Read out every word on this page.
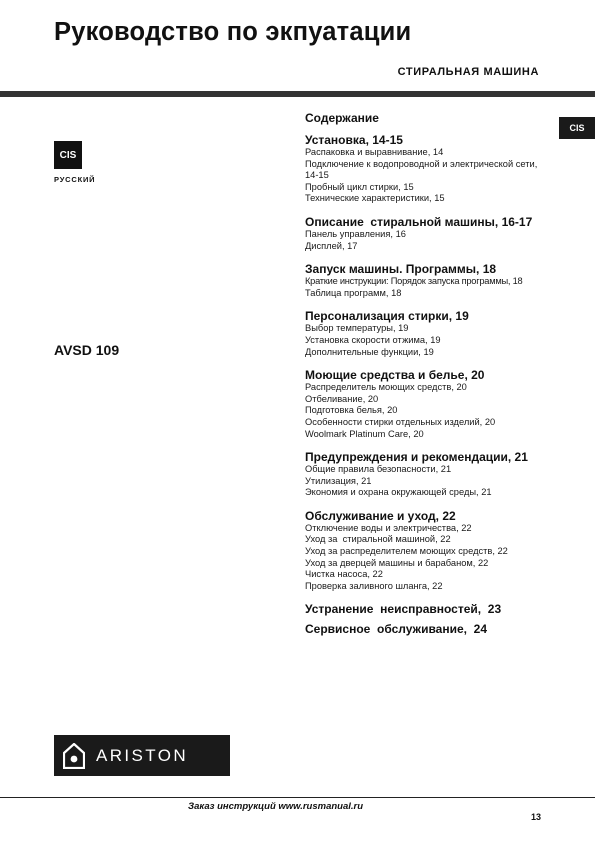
Руководство по экпуатации
СТИРАЛЬНАЯ МАШИНА
CIS
CIS
РУССКИЙ
AVSD 109
Содержание
Установка, 14-15
Распаковка и выравнивание, 14
Подключение к водопроводной и электрической сети, 14-15
Пробный цикл стирки, 15
Технические характеристики, 15
Описание  стиральной машины, 16-17
Панель управления, 16
Дисплей, 17
Запуск машины. Программы, 18
Краткие инструкции: Порядок запуска программы, 18
Таблица программ, 18
Персонализация стирки, 19
Выбор температуры, 19
Установка скорости отжима, 19
Дополнительные функции, 19
Моющие средства и белье, 20
Распределитель моющих средств, 20
Отбеливание, 20
Подготовка белья, 20
Особенности стирки отдельных изделий, 20
Woolmark Platinum Care, 20
Предупреждения и рекомендации, 21
Общие правила безопасности, 21
Утилизация, 21
Экономия и охрана окружающей среды, 21
Обслуживание и уход, 22
Отключение воды и электричества, 22
Уход за  стиральной машиной, 22
Уход за распределителем моющих средств, 22
Уход за дверцей машины и барабаном, 22
Чистка насоса, 22
Проверка заливного шланга, 22
Устранение  неисправностей,  23
Сервисное  обслуживание,  24
ARISTON
Заказ инструкций www.rusmanual.ru
13
